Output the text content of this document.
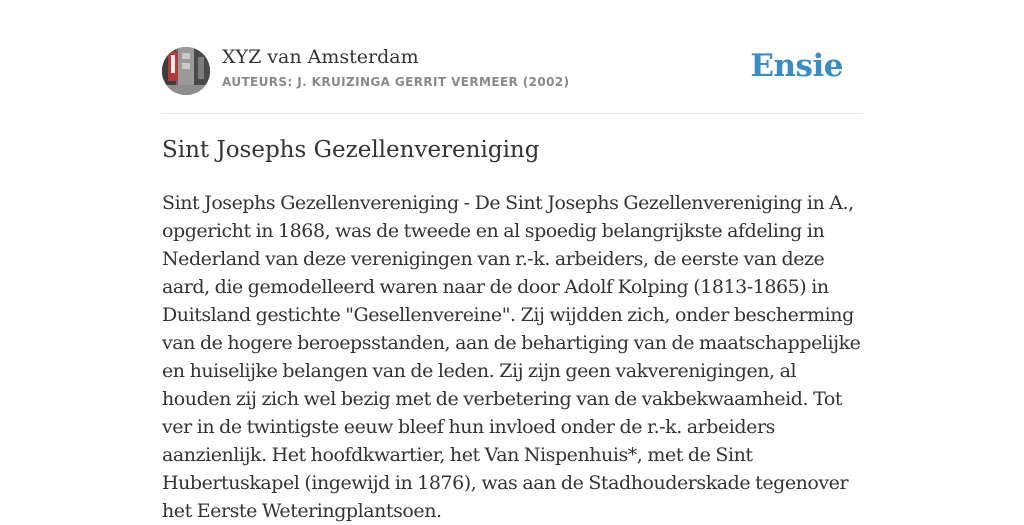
XYZ van Amsterdam
AUTEURS: J. KRUIZINGA GERRIT VERMEER (2002)	Ensie
Sint Josephs Gezellenvereniging

Sint Josephs Gezellenvereniging - De Sint Josephs Gezellenvereniging in A., opgericht in 1868, was de tweede en al spoedig belangrijkste afdeling in Nederland van deze verenigingen van r.-k. arbeiders, de eerste van deze aard, die gemodelleerd waren naar de door Adolf Kolping (1813-1865) in Duitsland gestichte "Gesellenvereine". Zij wijdden zich, onder bescherming van de hogere beroepsstanden, aan de behartiging van de maatschappelijke en huiselijke belangen van de leden. Zij zijn geen vakverenigingen, al houden zij zich wel bezig met de verbetering van de vakbekwaamheid. Tot ver in de twintigste eeuw bleef hun invloed onder de r.-k. arbeiders aanzienlijk. Het hoofdkwartier, het Van Nispenhuis*, met de Sint Hubertuskapel (ingewijd in 1876), was aan de Stadhouderskade tegenover het Eerste Weteringplantsoen.
